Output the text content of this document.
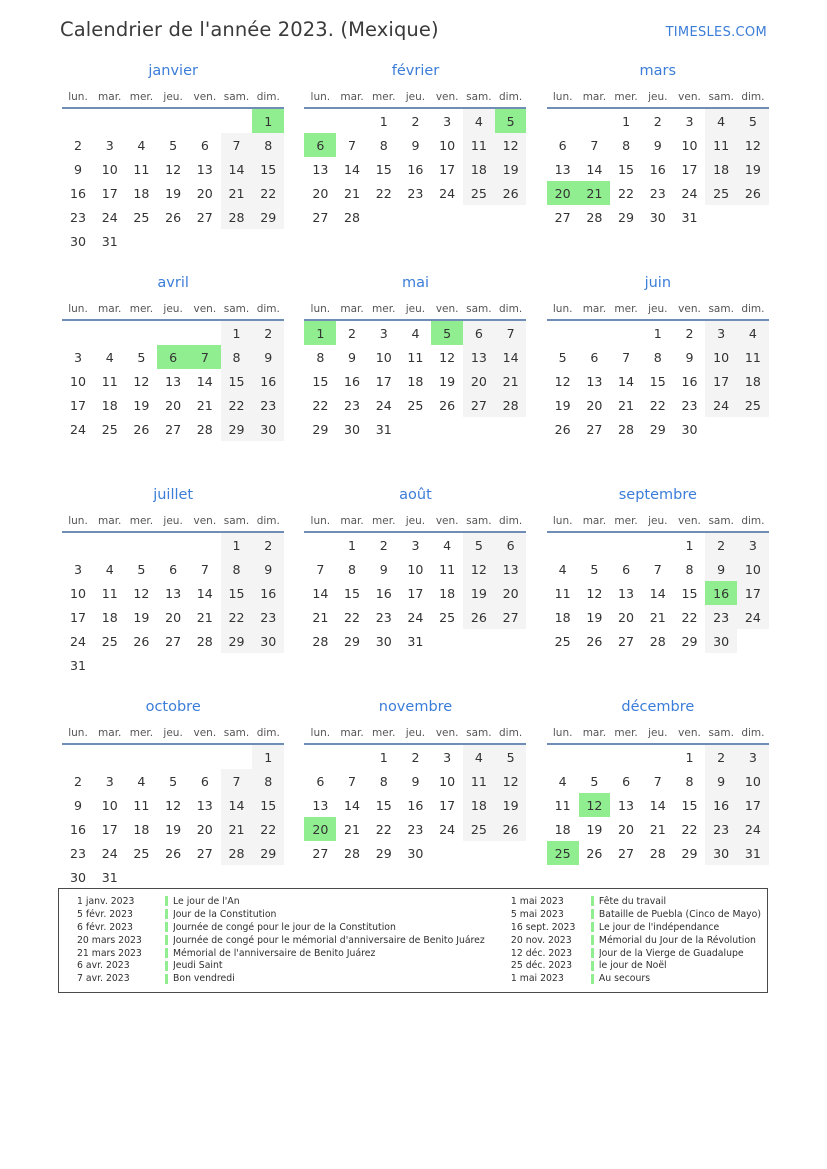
Calendrier de l'année 2023. (Mexique)	TIMESLES.COM
janvier
lun.	mar.	mer.	jeu.	ven.	sam.	dim.
						1
2	3	4	5	6	7	8
9	10	11	12	13	14	15
16	17	18	19	20	21	22
23	24	25	26	27	28	29
30	31					
février
lun.	mar.	mer.	jeu.	ven.	sam.	dim.
		1	2	3	4	5
6	7	8	9	10	11	12
13	14	15	16	17	18	19
20	21	22	23	24	25	26
27	28					
mars
lun.	mar.	mer.	jeu.	ven.	sam.	dim.
		1	2	3	4	5
6	7	8	9	10	11	12
13	14	15	16	17	18	19
20	21	22	23	24	25	26
27	28	29	30	31		
avril
lun.	mar.	mer.	jeu.	ven.	sam.	dim.
					1	2
3	4	5	6	7	8	9
10	11	12	13	14	15	16
17	18	19	20	21	22	23
24	25	26	27	28	29	30
mai
lun.	mar.	mer.	jeu.	ven.	sam.	dim.
1	2	3	4	5	6	7
8	9	10	11	12	13	14
15	16	17	18	19	20	21
22	23	24	25	26	27	28
29	30	31				
juin
lun.	mar.	mer.	jeu.	ven.	sam.	dim.
			1	2	3	4
5	6	7	8	9	10	11
12	13	14	15	16	17	18
19	20	21	22	23	24	25
26	27	28	29	30		
juillet
lun.	mar.	mer.	jeu.	ven.	sam.	dim.
					1	2
3	4	5	6	7	8	9
10	11	12	13	14	15	16
17	18	19	20	21	22	23
24	25	26	27	28	29	30
31						
août
lun.	mar.	mer.	jeu.	ven.	sam.	dim.
	1	2	3	4	5	6
7	8	9	10	11	12	13
14	15	16	17	18	19	20
21	22	23	24	25	26	27
28	29	30	31			
septembre
lun.	mar.	mer.	jeu.	ven.	sam.	dim.
				1	2	3
4	5	6	7	8	9	10
11	12	13	14	15	16	17
18	19	20	21	22	23	24
25	26	27	28	29	30	
octobre
lun.	mar.	mer.	jeu.	ven.	sam.	dim.
						1
2	3	4	5	6	7	8
9	10	11	12	13	14	15
16	17	18	19	20	21	22
23	24	25	26	27	28	29
30	31					
novembre
lun.	mar.	mer.	jeu.	ven.	sam.	dim.
		1	2	3	4	5
6	7	8	9	10	11	12
13	14	15	16	17	18	19
20	21	22	23	24	25	26
27	28	29	30			
décembre
lun.	mar.	mer.	jeu.	ven.	sam.	dim.
				1	2	3
4	5	6	7	8	9	10
11	12	13	14	15	16	17
18	19	20	21	22	23	24
25	26	27	28	29	30	31
1 janv. 2023	Le jour de l'An
5 févr. 2023	Jour de la Constitution
6 févr. 2023	Journée de congé pour le jour de la Constitution
20 mars 2023	Journée de congé pour le mémorial d'anniversaire de Benito Juárez
21 mars 2023	Mémorial de l'anniversaire de Benito Juárez
6 avr. 2023	Jeudi Saint
7 avr. 2023	Bon vendredi
1 mai 2023	Fête du travail
5 mai 2023	Bataille de Puebla (Cinco de Mayo)
16 sept. 2023	Le jour de l'indépendance
20 nov. 2023	Mémorial du Jour de la Révolution
12 déc. 2023	Jour de la Vierge de Guadalupe
25 déc. 2023	le jour de Noël
1 mai 2023	Au secours
